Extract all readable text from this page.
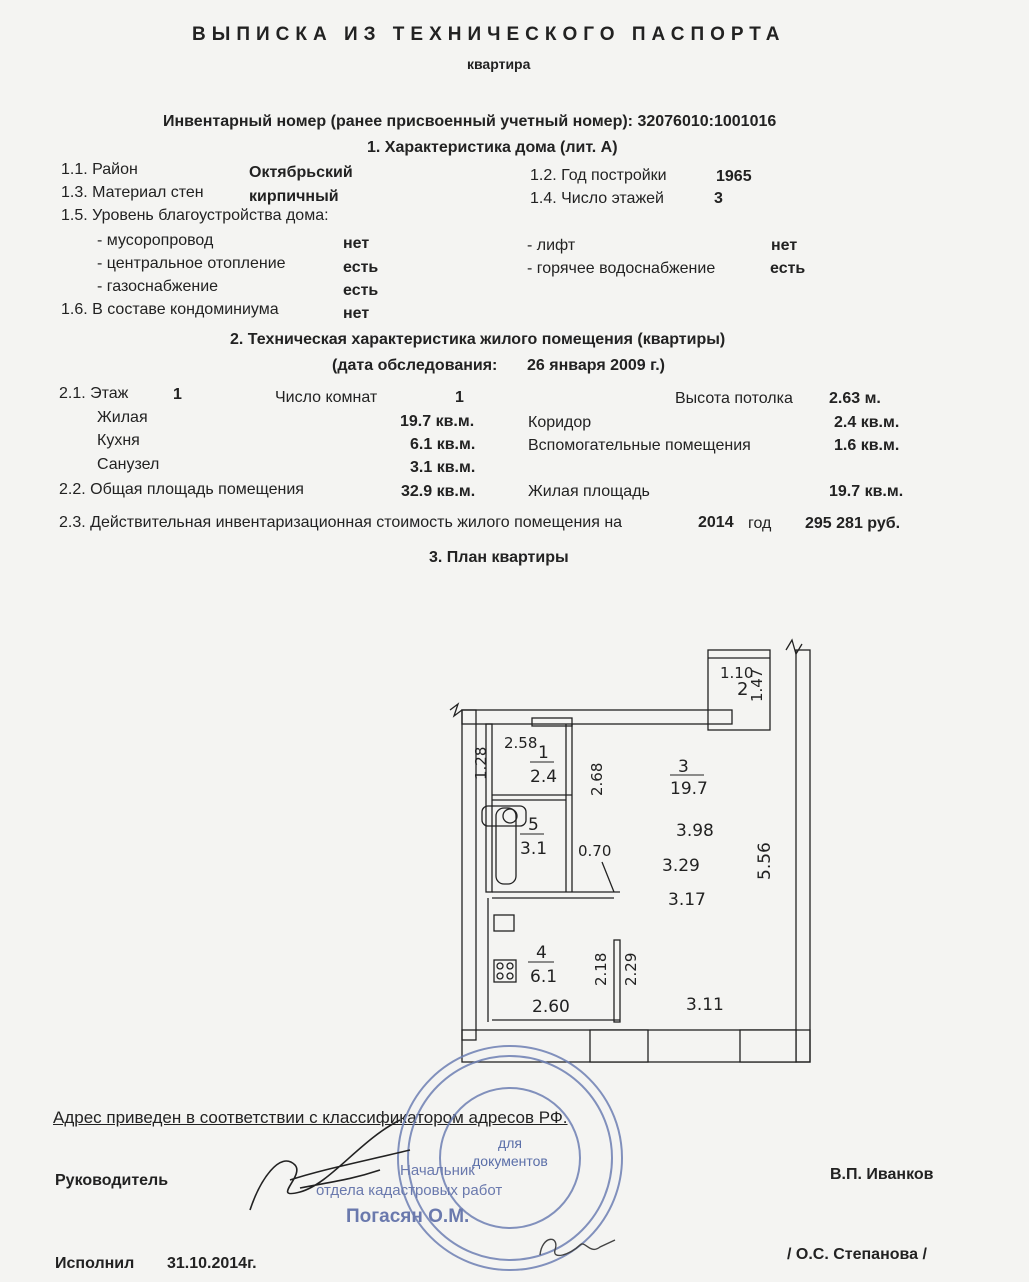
ВЫПИСКА ИЗ ТЕХНИЧЕСКОГО ПАСПОРТА
квартира
Инвентарный номер (ранее присвоенный учетный номер): 32076010:1001016
1. Характеристика дома (лит. А)
1.1. Район	Октябрьский	1.2. Год постройки	1965
1.3. Материал стен	кирпичный	1.4. Число этажей	3
1.5. Уровень благоустройства дома:
- мусоропровод	нет	- лифт	нет
- центральное отопление	есть	- горячее водоснабжение	есть
- газоснабжение	есть
1.6. В составе кондоминиума	нет
2. Техническая характеристика жилого помещения (квартиры)
(дата обследования: 26 января 2009 г.)
2.1. Этаж	1	Число комнат	1	Высота потолка 2.63 м.
Жилая	19.7 кв.м.	Коридор	2.4 кв.м.
Кухня	6.1 кв.м.	Вспомогательные помещения	1.6 кв.м.
Санузел	3.1 кв.м.
2.2. Общая площадь помещения	32.9 кв.м.	Жилая площадь	19.7 кв.м.
2.3. Действительная инвентаризационная стоимость жилого помещения на	2014 год 295 281 руб.
3. План квартиры
1.10
2 1.47
2.58 1
2.4
1.28	2.68	3
19.7
3.98
3.29
3.17
5.56
3.11
5
3.1 0.70
4
6.1 2.18 2.29
2.60
Адрес приведен в соответствии с классификатором адресов РФ.
Руководитель	В.П. Иванков
Исполнил 31.10.2014г.
/ О.С. Степанова /
для
документов
Начальник
отдела кадастровых работ
Погасян О.М.
